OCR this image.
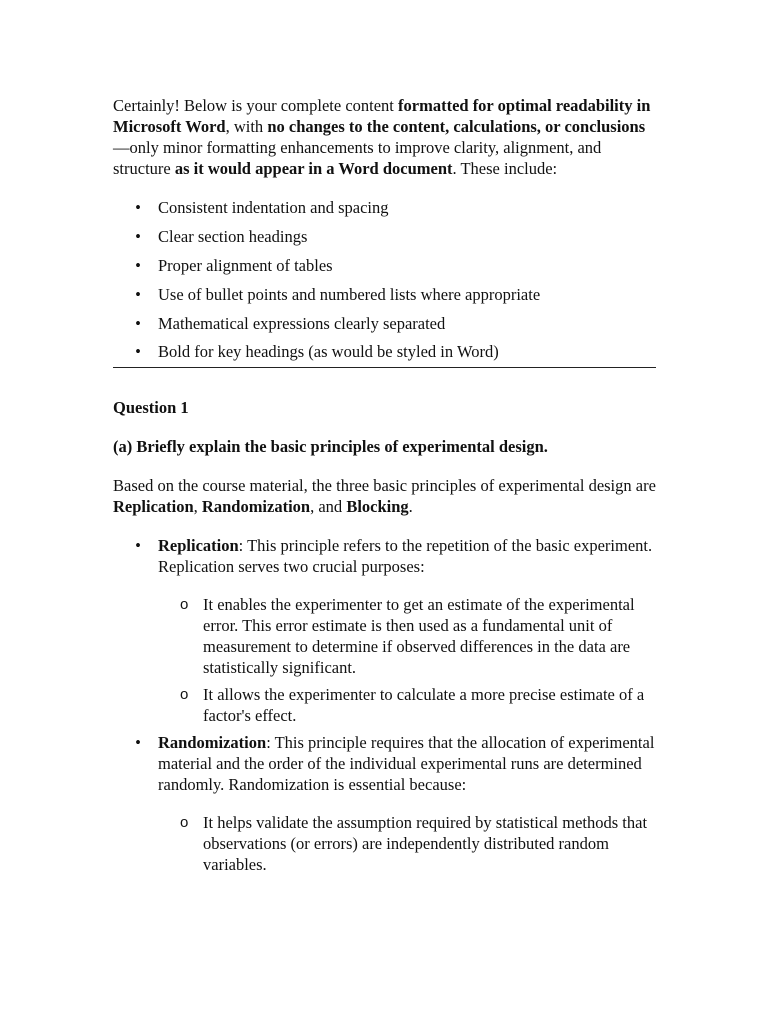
Certainly! Below is your complete content formatted for optimal readability in Microsoft Word, with no changes to the content, calculations, or conclusions—only minor formatting enhancements to improve clarity, alignment, and structure as it would appear in a Word document. These include:

• Consistent indentation and spacing
• Clear section headings
• Proper alignment of tables
• Use of bullet points and numbered lists where appropriate
• Mathematical expressions clearly separated
• Bold for key headings (as would be styled in Word)

Question 1

(a) Briefly explain the basic principles of experimental design.

Based on the course material, the three basic principles of experimental design are Replication, Randomization, and Blocking.

• Replication: This principle refers to the repetition of the basic experiment. Replication serves two crucial purposes:

o It enables the experimenter to get an estimate of the experimental error. This error estimate is then used as a fundamental unit of measurement to determine if observed differences in the data are statistically significant.
o It allows the experimenter to calculate a more precise estimate of a factor's effect.
• Randomization: This principle requires that the allocation of experimental material and the order of the individual experimental runs are determined randomly. Randomization is essential because:

o It helps validate the assumption required by statistical methods that observations (or errors) are independently distributed random variables.
